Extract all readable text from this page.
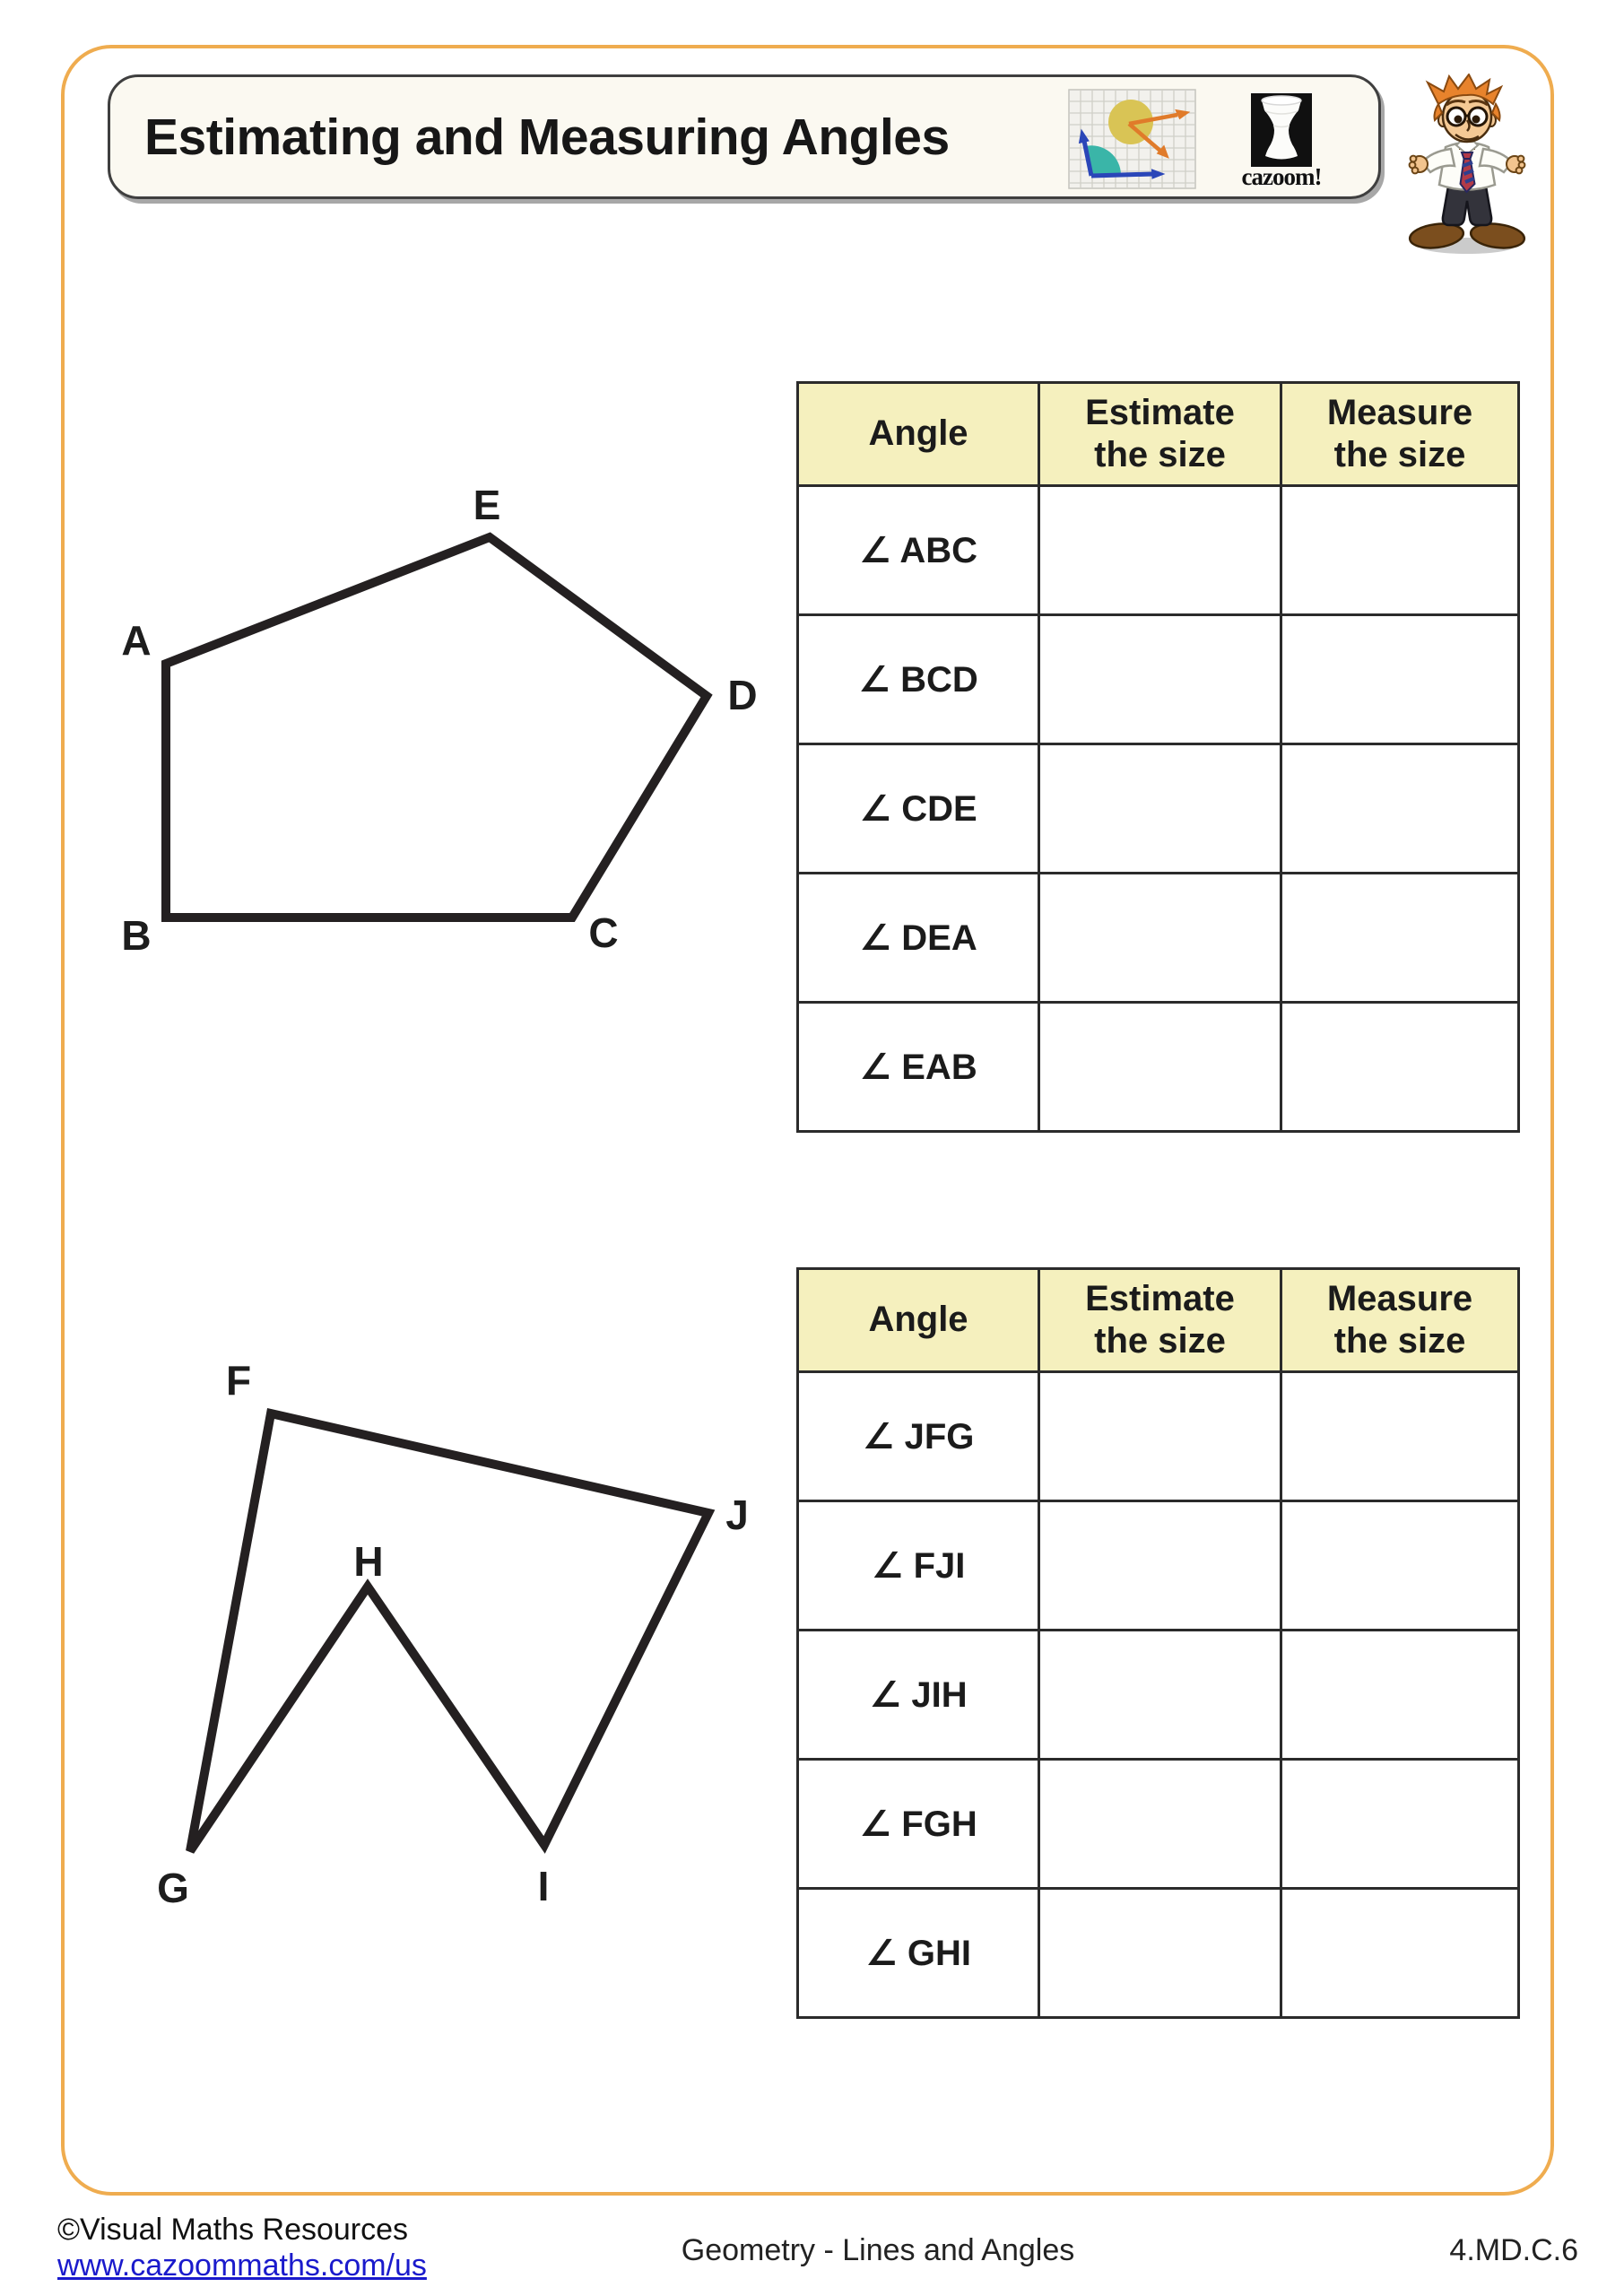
Estimating and Measuring Angles
cazoom!
A
B	C
D
E
F
G
H
I
J
Angle	Estimate the size	Measure the size
∠ ABC		
∠ BCD		
∠ CDE		
∠ DEA		
∠ EAB		
Angle	Estimate the size	Measure the size
∠ JFG		
∠ FJI		
∠ JIH		
∠ FGH		
∠ GHI		
©Visual Maths Resources
www.cazoommaths.com/us	Geometry - Lines and Angles	4.MD.C.6
